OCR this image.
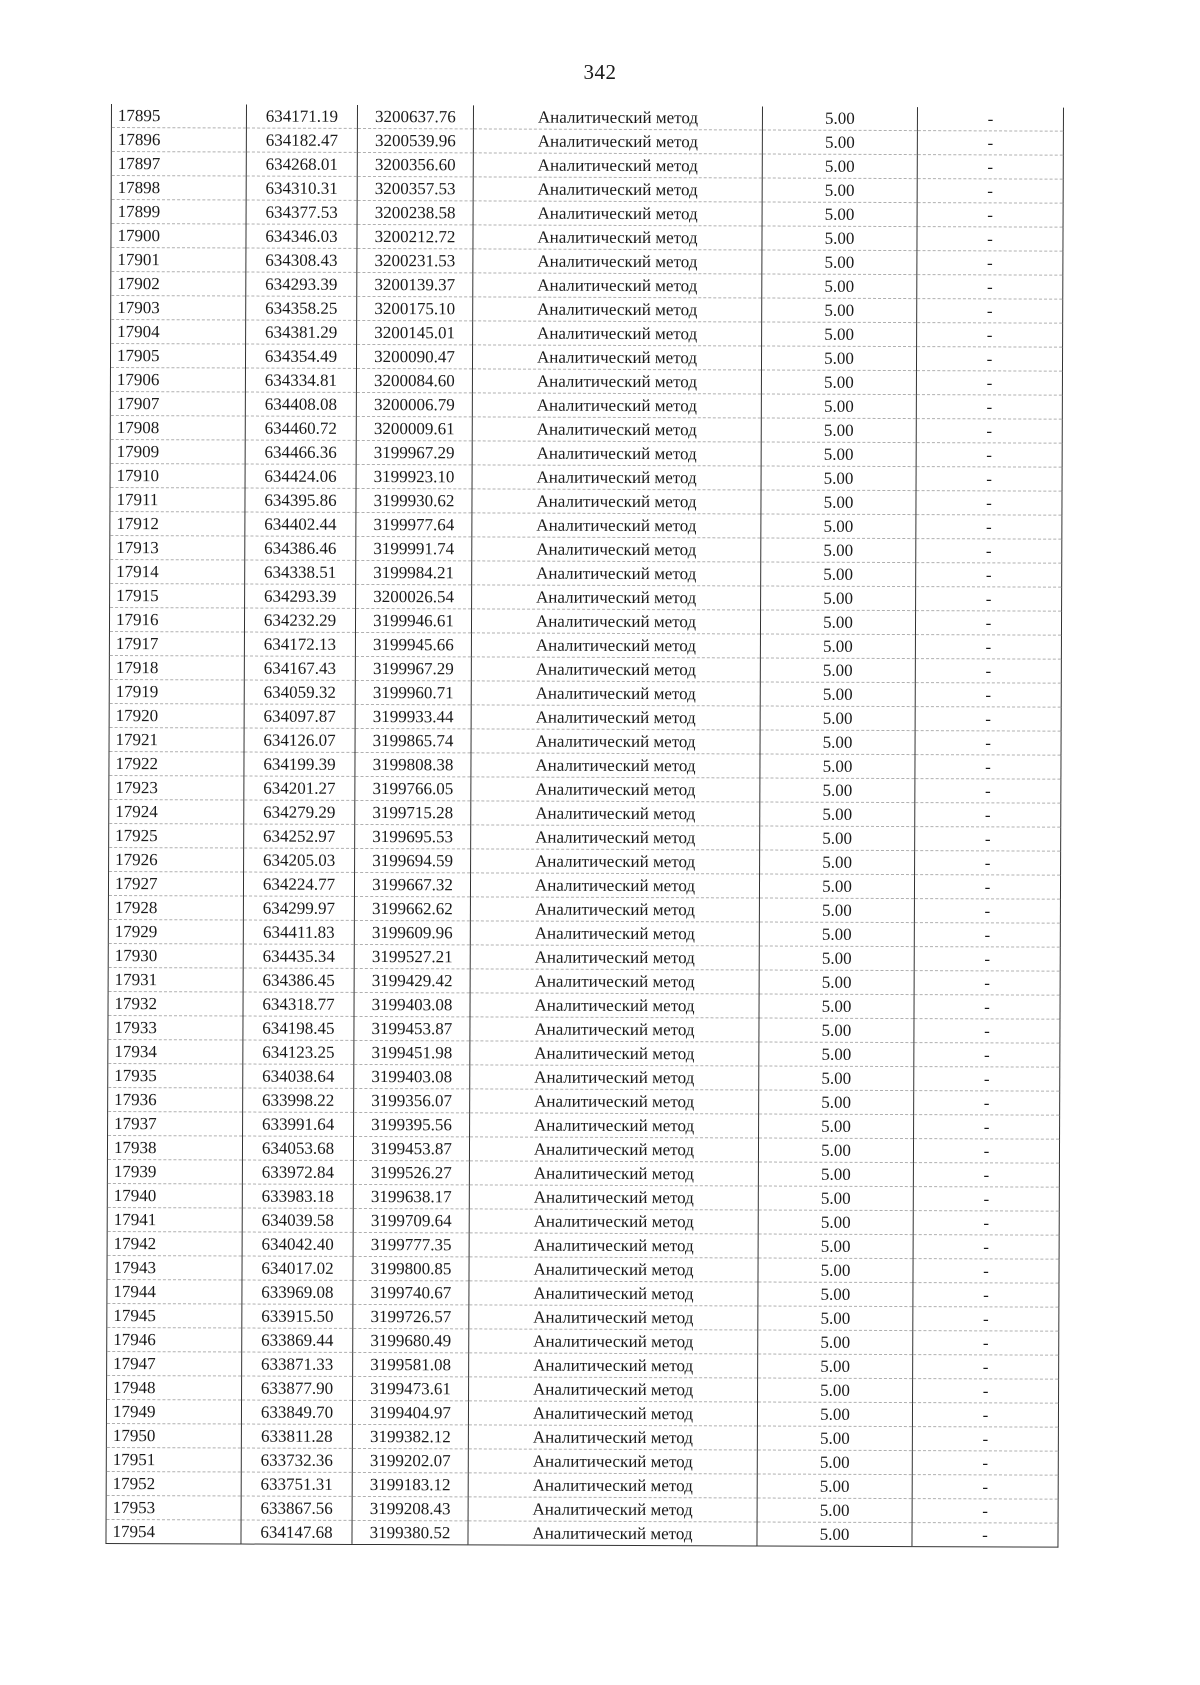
342
17895	634171.19	3200637.76	Аналитический метод	5.00	-
17896	634182.47	3200539.96	Аналитический метод	5.00	-
17897	634268.01	3200356.60	Аналитический метод	5.00	-
17898	634310.31	3200357.53	Аналитический метод	5.00	-
17899	634377.53	3200238.58	Аналитический метод	5.00	-
17900	634346.03	3200212.72	Аналитический метод	5.00	-
17901	634308.43	3200231.53	Аналитический метод	5.00	-
17902	634293.39	3200139.37	Аналитический метод	5.00	-
17903	634358.25	3200175.10	Аналитический метод	5.00	-
17904	634381.29	3200145.01	Аналитический метод	5.00	-
17905	634354.49	3200090.47	Аналитический метод	5.00	-
17906	634334.81	3200084.60	Аналитический метод	5.00	-
17907	634408.08	3200006.79	Аналитический метод	5.00	-
17908	634460.72	3200009.61	Аналитический метод	5.00	-
17909	634466.36	3199967.29	Аналитический метод	5.00	-
17910	634424.06	3199923.10	Аналитический метод	5.00	-
17911	634395.86	3199930.62	Аналитический метод	5.00	-
17912	634402.44	3199977.64	Аналитический метод	5.00	-
17913	634386.46	3199991.74	Аналитический метод	5.00	-
17914	634338.51	3199984.21	Аналитический метод	5.00	-
17915	634293.39	3200026.54	Аналитический метод	5.00	-
17916	634232.29	3199946.61	Аналитический метод	5.00	-
17917	634172.13	3199945.66	Аналитический метод	5.00	-
17918	634167.43	3199967.29	Аналитический метод	5.00	-
17919	634059.32	3199960.71	Аналитический метод	5.00	-
17920	634097.87	3199933.44	Аналитический метод	5.00	-
17921	634126.07	3199865.74	Аналитический метод	5.00	-
17922	634199.39	3199808.38	Аналитический метод	5.00	-
17923	634201.27	3199766.05	Аналитический метод	5.00	-
17924	634279.29	3199715.28	Аналитический метод	5.00	-
17925	634252.97	3199695.53	Аналитический метод	5.00	-
17926	634205.03	3199694.59	Аналитический метод	5.00	-
17927	634224.77	3199667.32	Аналитический метод	5.00	-
17928	634299.97	3199662.62	Аналитический метод	5.00	-
17929	634411.83	3199609.96	Аналитический метод	5.00	-
17930	634435.34	3199527.21	Аналитический метод	5.00	-
17931	634386.45	3199429.42	Аналитический метод	5.00	-
17932	634318.77	3199403.08	Аналитический метод	5.00	-
17933	634198.45	3199453.87	Аналитический метод	5.00	-
17934	634123.25	3199451.98	Аналитический метод	5.00	-
17935	634038.64	3199403.08	Аналитический метод	5.00	-
17936	633998.22	3199356.07	Аналитический метод	5.00	-
17937	633991.64	3199395.56	Аналитический метод	5.00	-
17938	634053.68	3199453.87	Аналитический метод	5.00	-
17939	633972.84	3199526.27	Аналитический метод	5.00	-
17940	633983.18	3199638.17	Аналитический метод	5.00	-
17941	634039.58	3199709.64	Аналитический метод	5.00	-
17942	634042.40	3199777.35	Аналитический метод	5.00	-
17943	634017.02	3199800.85	Аналитический метод	5.00	-
17944	633969.08	3199740.67	Аналитический метод	5.00	-
17945	633915.50	3199726.57	Аналитический метод	5.00	-
17946	633869.44	3199680.49	Аналитический метод	5.00	-
17947	633871.33	3199581.08	Аналитический метод	5.00	-
17948	633877.90	3199473.61	Аналитический метод	5.00	-
17949	633849.70	3199404.97	Аналитический метод	5.00	-
17950	633811.28	3199382.12	Аналитический метод	5.00	-
17951	633732.36	3199202.07	Аналитический метод	5.00	-
17952	633751.31	3199183.12	Аналитический метод	5.00	-
17953	633867.56	3199208.43	Аналитический метод	5.00	-
17954	634147.68	3199380.52	Аналитический метод	5.00	-
